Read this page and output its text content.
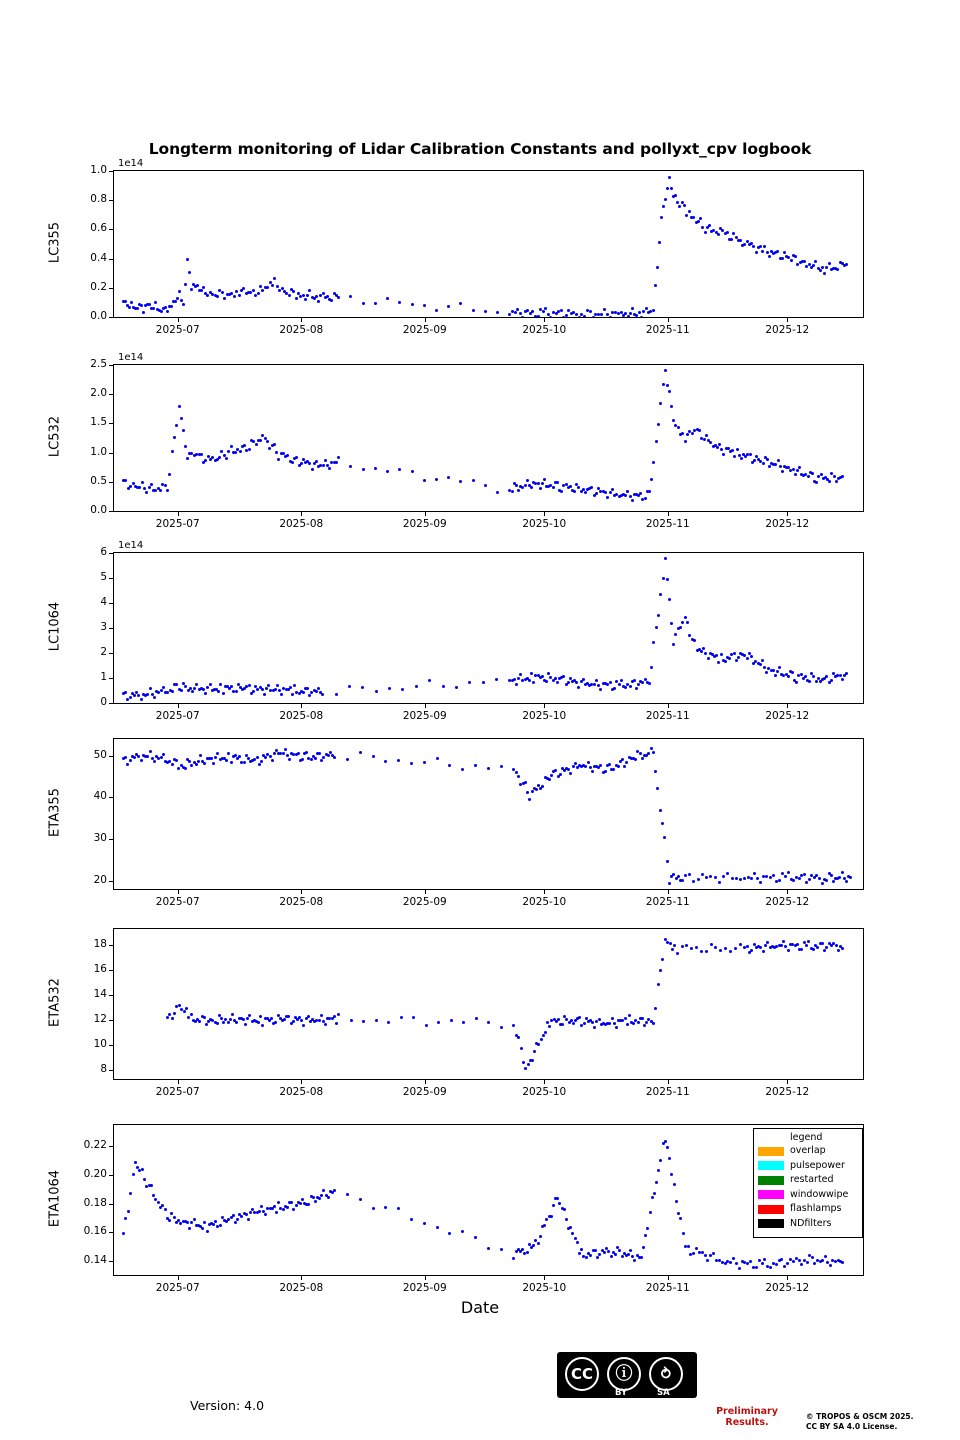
Longterm monitoring of Lidar Calibration Constants and pollyxt_cpv logbook
Date
legend
overlap
pulsepower
restarted
windowwipe
flashlamps
NDfilters
CC	ⓘ	⥁
BY	SA
Version: 4.0	Preliminary Results.
© TROPOS & OSCM 2025.
CC BY SA 4.0 License.
0.0
0.2
0.4
0.6
0.8
1.0
2025-07	2025-08	2025-09	2025-10	2025-11	2025-12
LC355
1e14
0.0
0.5
1.0
1.5
2.0
2.5
2025-07	2025-08	2025-09	2025-10	2025-11	2025-12
LC532
1e14
0
1
2
3
4
5
6
2025-07	2025-08	2025-09	2025-10	2025-11	2025-12
LC1064
1e14
20
30
40
50
2025-07	2025-08	2025-09	2025-10	2025-11	2025-12
ETA355
8
10
12
14
16
18
2025-07	2025-08	2025-09	2025-10	2025-11	2025-12
ETA532
0.14
0.16
0.18
0.20
0.22
2025-07	2025-08	2025-09	2025-10	2025-11	2025-12
ETA1064
